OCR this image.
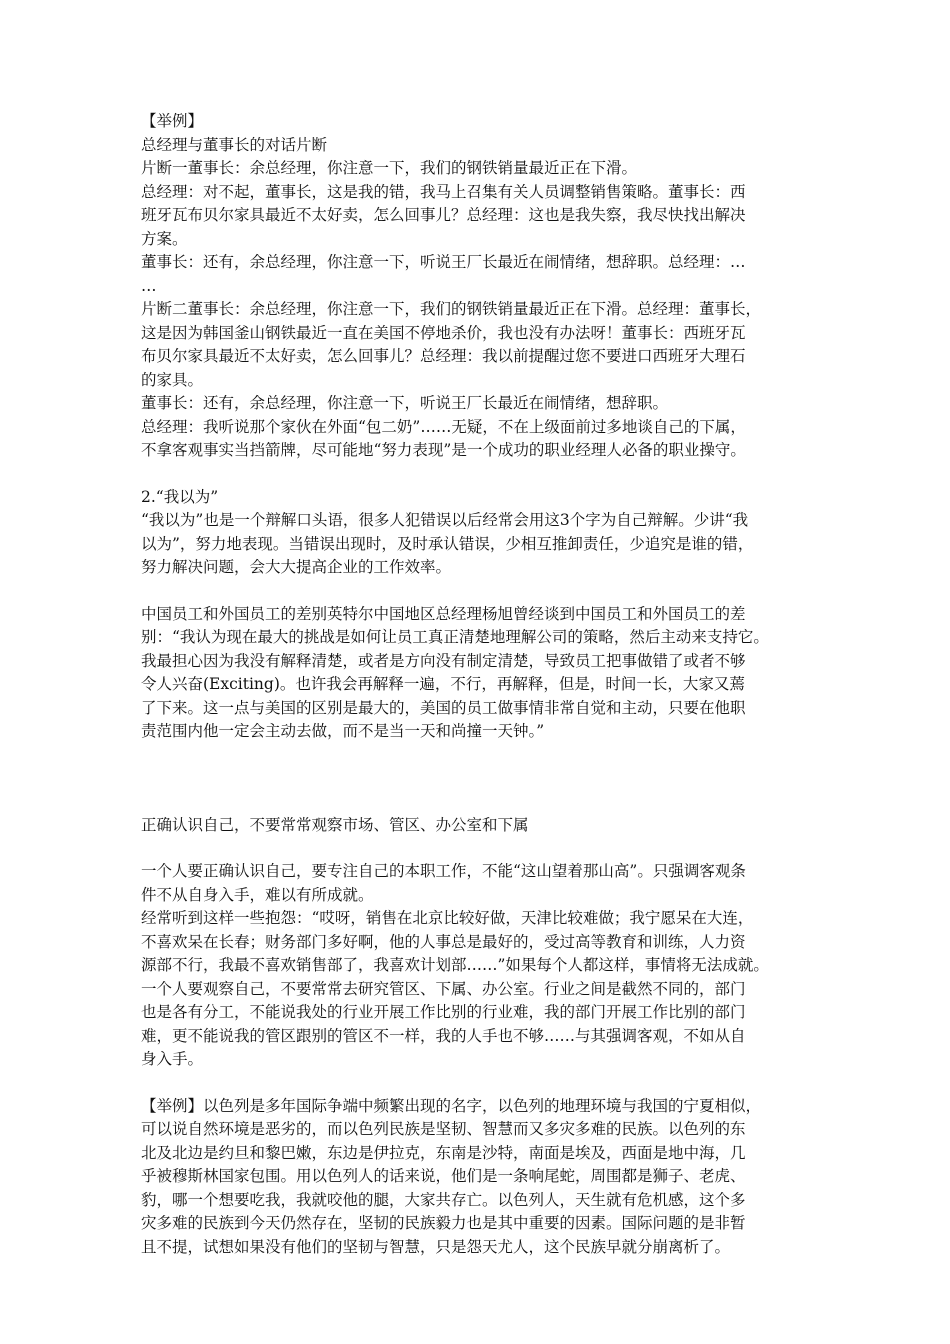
【举例】
总经理与董事长的对话片断
片断一董事长：余总经理，你注意一下，我们的钢铁销量最近正在下滑。
总经理：对不起，董事长，这是我的错，我马上召集有关人员调整销售策略。董事长：西
班牙瓦布贝尔家具最近不太好卖，怎么回事儿？总经理：这也是我失察，我尽快找出解决
方案。
董事长：还有，余总经理，你注意一下，听说王厂长最近在闹情绪，想辞职。总经理：…
…
片断二董事长：余总经理，你注意一下，我们的钢铁销量最近正在下滑。总经理：董事长，
这是因为韩国釜山钢铁最近一直在美国不停地杀价，我也没有办法呀！董事长：西班牙瓦
布贝尔家具最近不太好卖，怎么回事儿？总经理：我以前提醒过您不要进口西班牙大理石
的家具。
董事长：还有，余总经理，你注意一下，听说王厂长最近在闹情绪，想辞职。
总经理：我听说那个家伙在外面“包二奶”……无疑，不在上级面前过多地谈自己的下属，
不拿客观事实当挡箭牌，尽可能地“努力表现”是一个成功的职业经理人必备的职业操守。
2.“我以为”
“我以为”也是一个辩解口头语，很多人犯错误以后经常会用这3个字为自己辩解。少讲“我
以为”，努力地表现。当错误出现时，及时承认错误，少相互推卸责任，少追究是谁的错，
努力解决问题，会大大提高企业的工作效率。
中国员工和外国员工的差别英特尔中国地区总经理杨旭曾经谈到中国员工和外国员工的差
别：“我认为现在最大的挑战是如何让员工真正清楚地理解公司的策略，然后主动来支持它。
我最担心因为我没有解释清楚，或者是方向没有制定清楚，导致员工把事做错了或者不够
令人兴奋(Exciting)。也许我会再解释一遍，不行，再解释，但是，时间一长，大家又蔫
了下来。这一点与美国的区别是最大的，美国的员工做事情非常自觉和主动，只要在他职
责范围内他一定会主动去做，而不是当一天和尚撞一天钟。”
正确认识自己，不要常常观察市场、管区、办公室和下属
一个人要正确认识自己，要专注自己的本职工作，不能“这山望着那山高”。只强调客观条
件不从自身入手，难以有所成就。
经常听到这样一些抱怨：“哎呀，销售在北京比较好做，天津比较难做；我宁愿呆在大连，
不喜欢呆在长春；财务部门多好啊，他的人事总是最好的，受过高等教育和训练，人力资
源部不行，我最不喜欢销售部了，我喜欢计划部……”如果每个人都这样，事情将无法成就。
一个人要观察自己，不要常常去研究管区、下属、办公室。行业之间是截然不同的，部门
也是各有分工，不能说我处的行业开展工作比别的行业难，我的部门开展工作比别的部门
难，更不能说我的管区跟别的管区不一样，我的人手也不够……与其强调客观，不如从自
身入手。
【举例】以色列是多年国际争端中频繁出现的名字，以色列的地理环境与我国的宁夏相似，
可以说自然环境是恶劣的，而以色列民族是坚韧、智慧而又多灾多难的民族。以色列的东
北及北边是约旦和黎巴嫩，东边是伊拉克，东南是沙特，南面是埃及，西面是地中海，几
乎被穆斯林国家包围。用以色列人的话来说，他们是一条响尾蛇，周围都是狮子、老虎、
豹，哪一个想要吃我，我就咬他的腿，大家共存亡。以色列人，天生就有危机感，这个多
灾多难的民族到今天仍然存在，坚韧的民族毅力也是其中重要的因素。国际问题的是非暂
且不提，试想如果没有他们的坚韧与智慧，只是怨天尤人，这个民族早就分崩离析了。
